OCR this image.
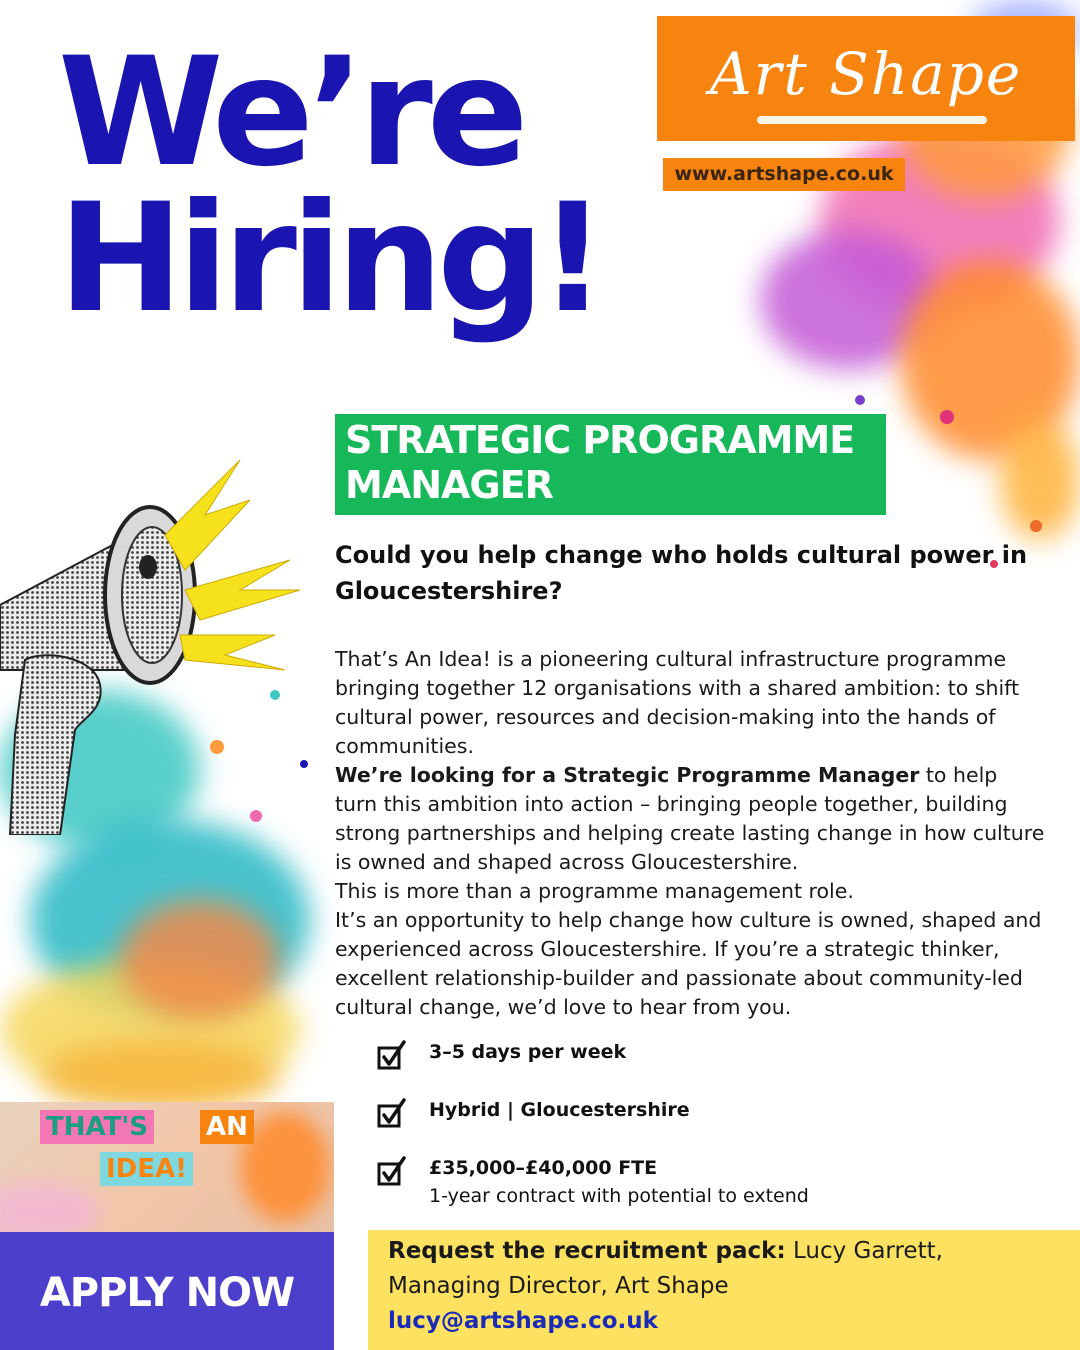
We’re
Hiring!
Art Shape
www.artshape.co.uk
STRATEGIC PROGRAMME MANAGER

Could you help change who holds cultural power in Gloucestershire?

That’s An Idea! is a pioneering cultural infrastructure programme bringing together 12 organisations with a shared ambition: to shift cultural power, resources and decision-making into the hands of communities.

We’re looking for a Strategic Programme Manager to help turn this ambition into action – bringing people together, building strong partnerships and helping create lasting change in how culture is owned and shaped across Gloucestershire.

This is more than a programme management role.

It’s an opportunity to help change how culture is owned, shaped and experienced across Gloucestershire. If you’re a strategic thinker, excellent relationship-builder and passionate about community-led cultural change, we’d love to hear from you.

3–5 days per week
Hybrid | Gloucestershire
£35,000–£40,000 FTE
1-year contract with potential to extend
THAT'S AN
IDEA!
APPLY NOW
Request the recruitment pack: Lucy Garrett,
Managing Director, Art Shape
lucy@artshape.co.uk
